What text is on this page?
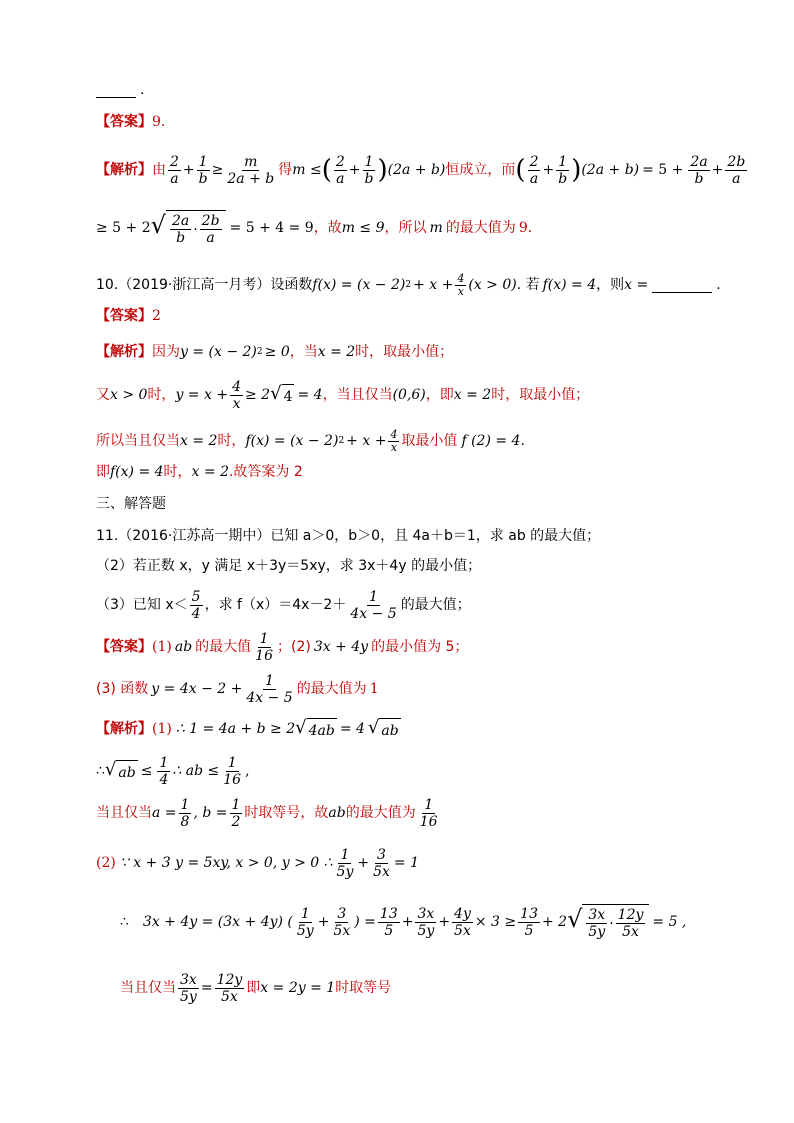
.
【答案】 9.
【解析】 由 $\frac{2}{a} + \frac{1}{b} \ge \frac{m}{2a + b}$ 得 m ≤ ( $\frac{2}{a} + \frac{1}{b}$ ) (2a + b) 恒成立，而 ( $\frac{2}{a} + \frac{1}{b}$ ) $(2a + b) = 5 + \frac{2a}{b} + \frac{2b}{a}$
≥ 5 + 2 √ $\frac{2a}{b} \cdot \frac{2b}{a} = 5 + 4 = 9$ ，故 m ≤ 9 ，所以 m 的最大值为 9.
10.（2019·浙江高一月考）设函数 f(x) = (x − 2) $2 + x + \frac{4}{x} (x > 0)$ . 若 f(x) = 4 ，则 x =	.
【答案】 2
【解析】 因为 y = (x − 2) 2 ≥ 0 ，当 x = 2 时，取最小值；
又 x > 0 时， $y = x + \frac{4}{x} \ge 2$ √ 4 = 4 ，当且仅当 (0,6) ，即 x = 2 时，取最小值；
所以当且仅当 x = 2 时， f(x) = (x − 2) $2 + x + \frac{4}{x}$ 取最小值 f (2) = 4 .
即 f(x) = 4 时， x = 2 .故答案为 2
三、解答题
11.（2016·江苏高一期中）已知 a＞0，b＞0，且 4a＋b＝1，求 ab 的最大值；
（2）若正数 x，y 满足 x＋3y＝5xy，求 3x＋4y 的最小值；
（3）已知 $x< \frac{5}{4}$ ，求 $f(x)=4x-2+ \frac{1}{4x - 5}$ 的最大值；
【答案】 (1) ab 的最大值 $\frac{1}{16}$ ；(2) 3x + 4y 的最小值为 5；
(3) 函数 $y = 4x - 2 + \frac{1}{4x - 5}$ 的最大值为 1
【解析】 (1) ∴ 1 = 4a + b ≥ 2 √ 4ab = 4 √ ab
∴ √ ab ≤ $\frac{1}{4}$ ∴ ab ≤ $\frac{1}{16}$ ,
当且仅当 $a = \frac{1}{8}$ , $b = \frac{1}{2}$ 时取等号，故 ab 的最大值为 $\frac{1}{16}$
(2) ∵ x + 3 y = 5xy, x > 0, y > 0 ∴ $\frac{1}{5y} + \frac{3}{5x} = 1$
∴ 3x + 4y = (3x + 4y) ( $\frac{1}{5y} + \frac{3}{5x}$ ) = $\frac{13}{5} + \frac{3x}{5y} + \frac{4y}{5x} \times 3 \ge \frac{13}{5} + 2$ √ $\frac{3x}{5y} \cdot \frac{12y}{5x} = 5$ ,
当且仅当 $\frac{3x}{5y} = \frac{12y}{5x}$ 即 x = 2y = 1 时取等号
